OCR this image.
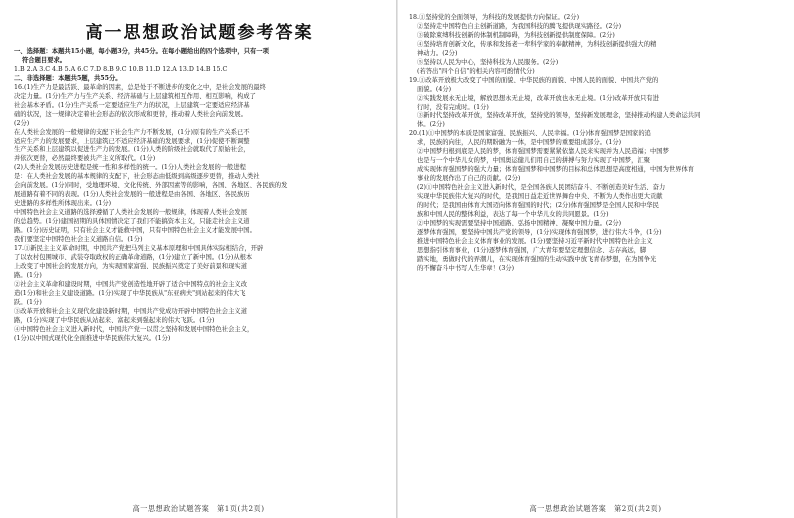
高一思想政治试题参考答案

一、选择题：本题共15小题，每小题3分，共45分。在每小题给出的四个选项中，只有一项

符合题目要求。

1.B 2.A 3.C 4.B 5.A 6.C 7.D 8.B 9.C 10.B 11.D 12.A 13.D 14.B 15.C

二、非选择题：本题共5题，共55分。

16.(1)生产力是最活跃、最革命的因素，总是处于不断进步的变化之中，是社会发展的最终

决定力量。(1分)生产力与生产关系、经济基础与上层建筑相互作用、相互影响，构成了

社会基本矛盾。(1分)生产关系一定要适应生产力的状况，上层建筑一定要适应经济基

础的状况，这一规律决定着社会形态的依次形成和更替，推动着人类社会向前发展。

(2分)

在人类社会发展的一般规律的支配下社会生产力不断发展，(1分)原有的生产关系已不

适应生产力的发展要求，上层建筑已不适应经济基础的发展要求，(1分)促使不断调整

生产关系和上层建筑以促进生产力的发展。(1分)人类的阶级社会就取代了原始社会，

并依次更替，必然最终要被共产主义所取代。(1分)

(2)人类社会发展历史进程是统一性和多样性的统一。(1分)人类社会发展的一般进程

是：在人类社会发展的基本规律的支配下，社会形态由低级到高级逐步更替，推动人类社

会向前发展。(1分)同时，受地理环境、文化传统、外部因素等的影响，各国、各地区、各民族的发

展道路有着不同的表现。(1分)人类社会发展的一般进程是由各国、各地区、各民族历

史进路的多样性所体现出来。(1分)

中国特色社会主义道路的选择遵循了人类社会发展的一般规律，体现着人类社会发展

的总趋势。(1分)建国初期的具体国情决定了我们不能搞资本主义，只能走社会主义道

路。(1分)历史证明，只有社会主义才能救中国，只有中国特色社会主义才能发展中国。

我们要坚定中国特色社会主义道路自信。(1分)

17.①新民主主义革命时期，中国共产党把马列主义基本原理和中国具体实际相结合，开辟

了以农村包围城市、武装夺取政权的正确革命道路，(1分)建立了新中国。(1分)从根本

上改变了中国社会的发展方向，为实现国家富强、民族振兴奠定了美好前景和现实道

路。(1分)

②社会主义革命和建设时期，中国共产党创造性地开辟了适合中国特点的社会主义改

造(1分)和社会主义建设道路。(1分)实现了中华民族从"东亚病夫"到站起来的伟大飞

跃。(1分)

③改革开放和社会主义现代化建设新时期，中国共产党成功开辟中国特色社会主义道

路，(1分)实现了中华民族从站起来、富起来到强起来的伟大飞跃。(1分)

④中国特色社会主义进入新时代，中国共产党一以贯之坚持和发展中国特色社会主义，

(1分)以中国式现代化全面推进中华民族伟大复兴。(1分)

高一思想政治试题答案　第1页(共2页)

18.①坚持党的全面领导，为科技的发展提供方向保证。(2分)

②坚持走中国特色自主创新道路，为我国科技的腾飞提供现实路径。(2分)

③破除束缚科技创新的体制机制障碍，为科技创新提供制度保障。(2分)

④坚持培育创新文化，传承和发扬老一辈科学家的奉献精神，为科技创新提供强大的精

神动力。(2分)

⑤坚持以人民为中心，坚持科技为人民服务。(2分)

(若答出"四个自信"的相关内容可酌情代分)

19.①改革开放极大改变了中国的面貌、中华民族的面貌、中国人民的面貌、中国共产党的

面貌。(4分)

②实践发展永无止境，解放思想永无止境，改革开放也永无止境。(1分)改革开放只有进

行时，没有完成时。(1分)

③新时代坚持改革开放，坚持改革开放，坚持党的领导，坚持新发展理念，坚持推动构建人类命运共同

体。(2分)

20.(1)①中国梦的本质是国家富强、民族振兴、人民幸福。(1分)体育强国梦是国家的追

求，民族的向往，人民的期盼融为一体，是中国梦的重要组成部分。(1分)

②中国梦归根到底是人民的梦，体育强国梦需要紧紧依靠人民来实现并为人民造福；中国梦

也是与一个中华儿女的梦，中国奥运健儿们用自己的拼搏与努力实现了中国梦，汇聚

成实现体育强国梦的强大力量；体育强国梦和中国梦的目标和总体思想是高度相通，中国为世界体育

事业的发展作出了自己的贡献。(2分)

(2)①中国特色社会主义进入新时代，是全国各族人民团结奋斗、不断创造美好生活、奋力

实现中华民族伟大复兴的时代，是我国日益走近世界舞台中央、不断为人类作出更大贡献

的时代；是我国由体育大国迈向体育强国的时代；(2分)体育强国梦是全国人民和中华民

族和中国人民的整体利益，表达了每一个中华儿女的共同愿景。(1分)

②中国梦的实现需要坚持中国道路、弘扬中国精神、凝聚中国力量。(2分)

逐梦体育强国，要坚持中国共产党的领导，(1分)实现体育强国梦，进行伟大斗争，(1分)

推进中国特色社会主义体育事业的发展。(1分)要坚持习近平新时代中国特色社会主义

思想指引体育事业，(1分)逐梦体育强国，广大青年要坚定理想信念、志存高远，脚

踏实地，勇做时代的弄潮儿，在实现体育强国的生动实践中放飞青春梦想，在为国争光

的不懈奋斗中书写人生华章！(3分)

高一思想政治试题答案　第2页(共2页)
